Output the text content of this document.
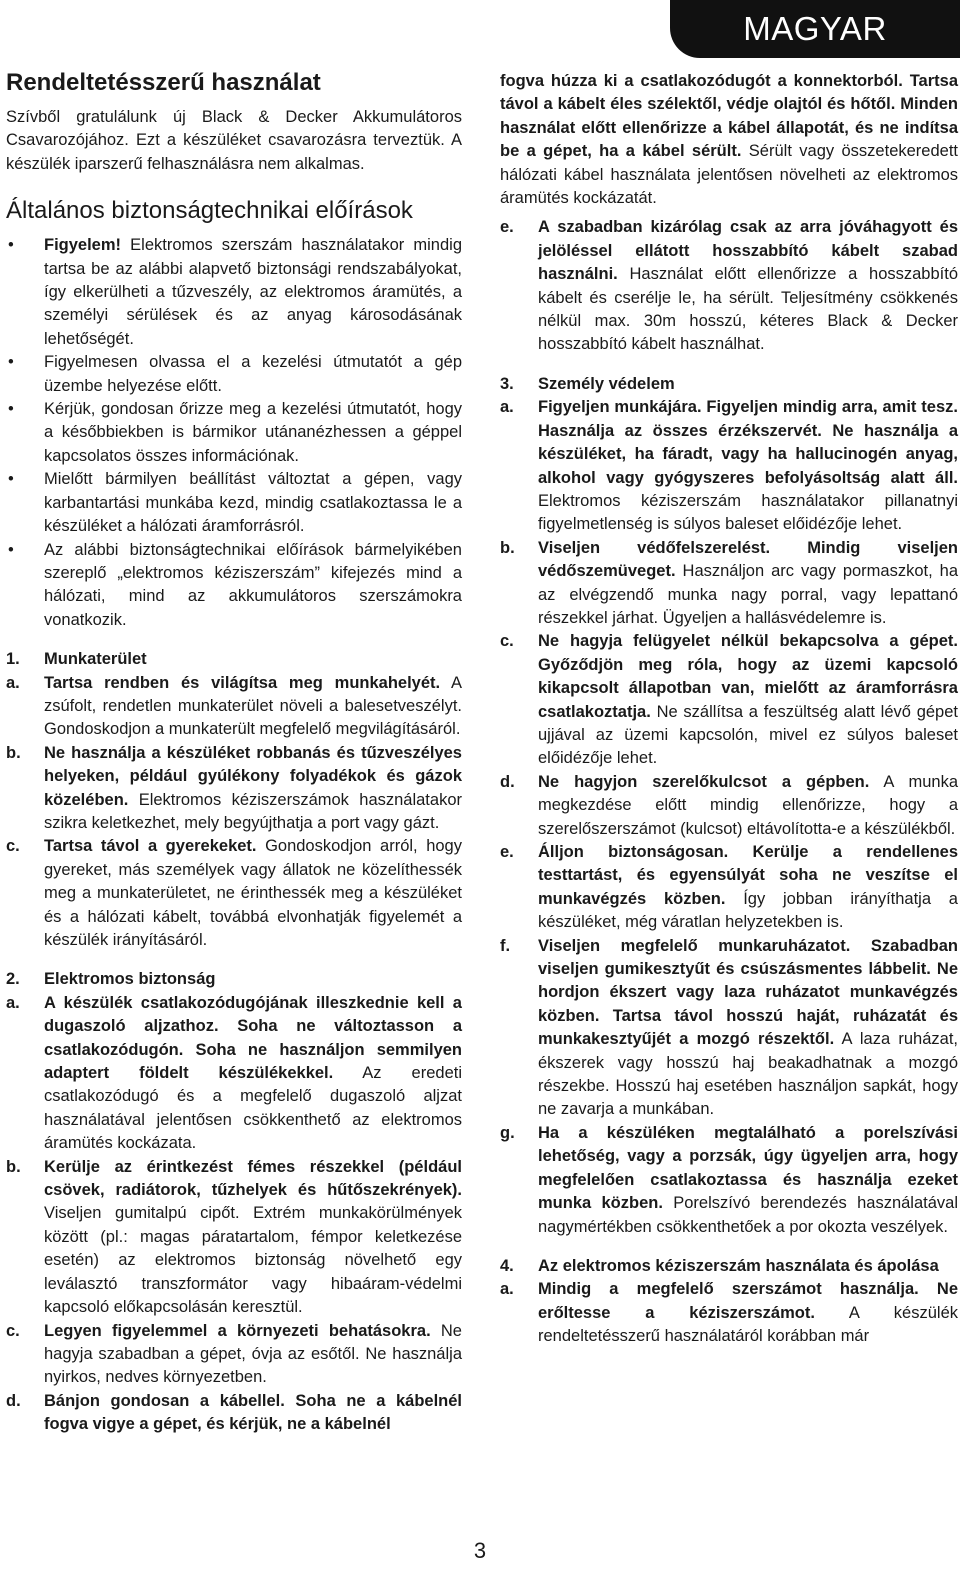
MAGYAR
Rendeltetésszerű használat

Szívből gratulálunk új Black & Decker Akkumulátoros Csavarozójához. Ezt a készüléket csavarozásra terveztük. A készülék iparszerű felhasználásra nem alkalmas.

Általános biztonságtechnikai előírások
• Figyelem! Elektromos szerszám használatakor mindig tartsa be az alábbi alapvető biztonsági rendszabályokat, így elkerülheti a tűzveszély, az elektromos áramütés, a személyi sérülések és az anyag károsodásának lehetőségét.
• Figyelmesen olvassa el a kezelési útmutatót a gép üzembe helyezése előtt.
• Kérjük, gondosan őrizze meg a kezelési útmutatót, hogy a későbbiekben is bármikor utánanézhessen a géppel kapcsolatos összes információnak.
• Mielőtt bármilyen beállítást változtat a gépen, vagy karbantartási munkába kezd, mindig csatlakoztassa le a készüléket a hálózati áramforrásról.
• Az alábbi biztonságtechnikai előírások bármelyikében szereplő „elektromos kéziszerszám” kifejezés mind a hálózati, mind az akkumulátoros szerszámokra vonatkozik.
1.	Munkaterület
a.	Tartsa rendben és világítsa meg munkahelyét. A zsúfolt, rendetlen munkaterület növeli a balesetveszélyt. Gondoskodjon a munkaterült megfelelő megvilágításáról.
b.	Ne használja a készüléket robbanás és tűzveszélyes helyeken, például gyúlékony folyadékok és gázok közelében. Elektromos kéziszerszámok használatakor szikra keletkezhet, mely begyújthatja a port vagy gázt.
c.	Tartsa távol a gyerekeket. Gondoskodjon arról, hogy gyereket, más személyek vagy állatok ne közelíthessék meg a munkaterületet, ne érinthessék meg a készüléket és a hálózati kábelt, továbbá elvonhatják figyelemét a készülék irányításáról.
2.	Elektromos biztonság
a.	A készülék csatlakozódugójának illeszkednie kell a dugaszoló aljzathoz. Soha ne változtasson a csatlakozódugón. Soha ne használjon semmilyen adaptert földelt készülékekkel. Az eredeti csatlakozódugó és a megfelelő dugaszoló aljzat használatával jelentősen csökkenthető az elektromos áramütés kockázata.
b.	Kerülje az érintkezést fémes részekkel (például csövek, radiátorok, tűzhelyek és hűtőszekrények). Viseljen gumitalpú cipőt. Extrém munkakörülmények között (pl.: magas páratartalom, fémpor keletkezése esetén) az elektromos biztonság növelhető egy leválasztó transzformátor vagy hibaáram-védelmi kapcsoló előkapcsolásán keresztül.
c.	Legyen figyelemmel a környezeti behatásokra. Ne hagyja szabadban a gépet, óvja az esőtől. Ne használja nyirkos, nedves környezetben.
d.	Bánjon gondosan a kábellel. Soha ne a kábelnél fogva vigye a gépet, és kérjük, ne a kábelnél

fogva húzza ki a csatlakozódugót a konnektorból. Tartsa távol a kábelt éles szélektől, védje olajtól és hőtől. Minden használat előtt ellenőrizze a kábel állapotát, és ne indítsa be a gépet, ha a kábel sérült. Sérült vagy összetekeredett hálózati kábel használata jelentősen növelheti az elektromos áramütés kockázatát.

e.	A szabadban kizárólag csak az arra jóváhagyott és jelöléssel ellátott hosszabbító kábelt szabad használni. Használat előtt ellenőrizze a hosszabbító kábelt és cserélje le, ha sérült. Teljesítmény csökkenés nélkül max. 30m hosszú, kéteres Black & Decker hosszabbító kábelt használhat.
3.	Személy védelem
a.	Figyeljen munkájára. Figyeljen mindig arra, amit tesz. Használja az összes érzékszervét. Ne használja a készüléket, ha fáradt, vagy ha hallucinogén anyag, alkohol vagy gyógyszeres befolyásoltság alatt áll. Elektromos kéziszerszám használatakor pillanatnyi figyelmetlenség is súlyos baleset előidézője lehet.
b.	Viseljen védőfelszerelést. Mindig viseljen védőszemüveget. Használjon arc vagy pormaszkot, ha az elvégzendő munka nagy porral, vagy lepattanó részekkel járhat. Ügyeljen a hallásvédelemre is.
c.	Ne hagyja felügyelet nélkül bekapcsolva a gépet. Győződjön meg róla, hogy az üzemi kapcsoló kikapcsolt állapotban van, mielőtt az áramforrásra csatlakoztatja. Ne szállítsa a feszültség alatt lévő gépet ujjával az üzemi kapcsolón, mivel ez súlyos baleset előidézője lehet.
d.	Ne hagyjon szerelőkulcsot a gépben. A munka megkezdése előtt mindig ellenőrizze, hogy a szerelőszerszámot (kulcsot) eltávolította-e a készülékből.
e.	Álljon biztonságosan. Kerülje a rendellenes testtartást, és egyensúlyát soha ne veszítse el munkavégzés közben. Így jobban irányíthatja a készüléket, még váratlan helyzetekben is.
f.	Viseljen megfelelő munkaruházatot. Szabadban viseljen gumikesztyűt és csúszásmentes lábbelit. Ne hordjon ékszert vagy laza ruházatot munkavégzés közben. Tartsa távol hosszú haját, ruházatát és munkakesztyűjét a mozgó részektől. A laza ruházat, ékszerek vagy hosszú haj beakadhatnak a mozgó részekbe. Hosszú haj esetében használjon sapkát, hogy ne zavarja a munkában.
g.	Ha a készüléken megtalálható a porelszívási lehetőség, vagy a porzsák, úgy ügyeljen arra, hogy megfelelően csatlakoztassa és használja ezeket munka közben. Porelszívó berendezés használatával nagymértékben csökkenthetőek a por okozta veszélyek.
4.	Az elektromos kéziszerszám használata és ápolása
a.	Mindig a megfelelő szerszámot használja. Ne erőltesse a kéziszerszámot. A készülék rendeltetésszerű használatáról korábban már
3
